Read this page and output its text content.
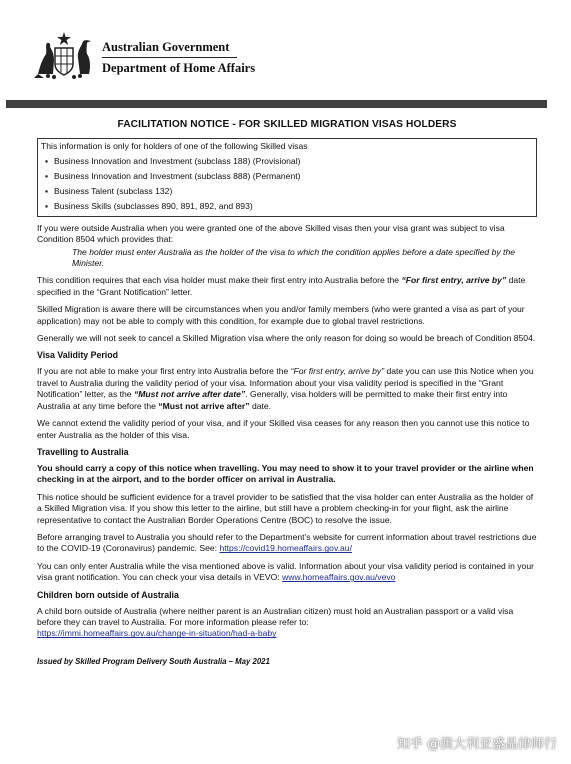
Australian Government
Department of Home Affairs
FACILITATION NOTICE - FOR SKILLED MIGRATION VISAS HOLDERS
This information is only for holders of one of the following Skilled visas
▪ Business Innovation and Investment (subclass 188) (Provisional)
▪ Business Innovation and Investment (subclass 888) (Permanent)
▪ Business Talent (subclass 132)
▪ Business Skills (subclasses 890, 891, 892, and 893)

If you were outside Australia when you were granted one of the above Skilled visas then your visa grant was subject to visa Condition 8504 which provides that:

The holder must enter Australia as the holder of the visa to which the condition applies before a date specified by the Minister.

This condition requires that each visa holder must make their first entry into Australia before the “For first entry, arrive by” date specified in the “Grant Notification” letter.

Skilled Migration is aware there will be circumstances when you and/or family members (who were granted a visa as part of your application) may not be able to comply with this condition, for example due to global travel restrictions.

Generally we will not seek to cancel a Skilled Migration visa where the only reason for doing so would be breach of Condition 8504.

Visa Validity Period

If you are not able to make your first entry into Australia before the “For first entry, arrive by” date you can use this Notice when you travel to Australia during the validity period of your visa. Information about your visa validity period is specified in the “Grant Notification” letter, as the “Must not arrive after date”. Generally, visa holders will be permitted to make their first entry into Australia at any time before the “Must not arrive after” date.

We cannot extend the validity period of your visa, and if your Skilled visa ceases for any reason then you cannot use this notice to enter Australia as the holder of this visa.

Travelling to Australia

You should carry a copy of this notice when travelling. You may need to show it to your travel provider or the airline when checking in at the airport, and to the border officer on arrival in Australia.

This notice should be sufficient evidence for a travel provider to be satisfied that the visa holder can enter Australia as the holder of a Skilled Migration visa. If you show this letter to the airline, but still have a problem checking-in for your flight, ask the airline representative to contact the Australian Border Operations Centre (BOC) to resolve the issue.

Before arranging travel to Australia you should refer to the Department’s website for current information about travel restrictions due to the COVID-19 (Coronavirus) pandemic. See: https://covid19.homeaffairs.gov.au/

You can only enter Australia while the visa mentioned above is valid. Information about your visa validity period is contained in your visa grant notification. You can check your visa details in VEVO: www.homeaffairs.gov.au/vevo

Children born outside of Australia

A child born outside of Australia (where neither parent is an Australian citizen) must hold an Australian passport or a valid visa before they can travel to Australia. For more information please refer to:

https://immi.homeaffairs.gov.au/change-in-situation/had-a-baby
Issued by Skilled Program Delivery South Australia – May 2021
知乎 @澳大利亚盛晶律师行
